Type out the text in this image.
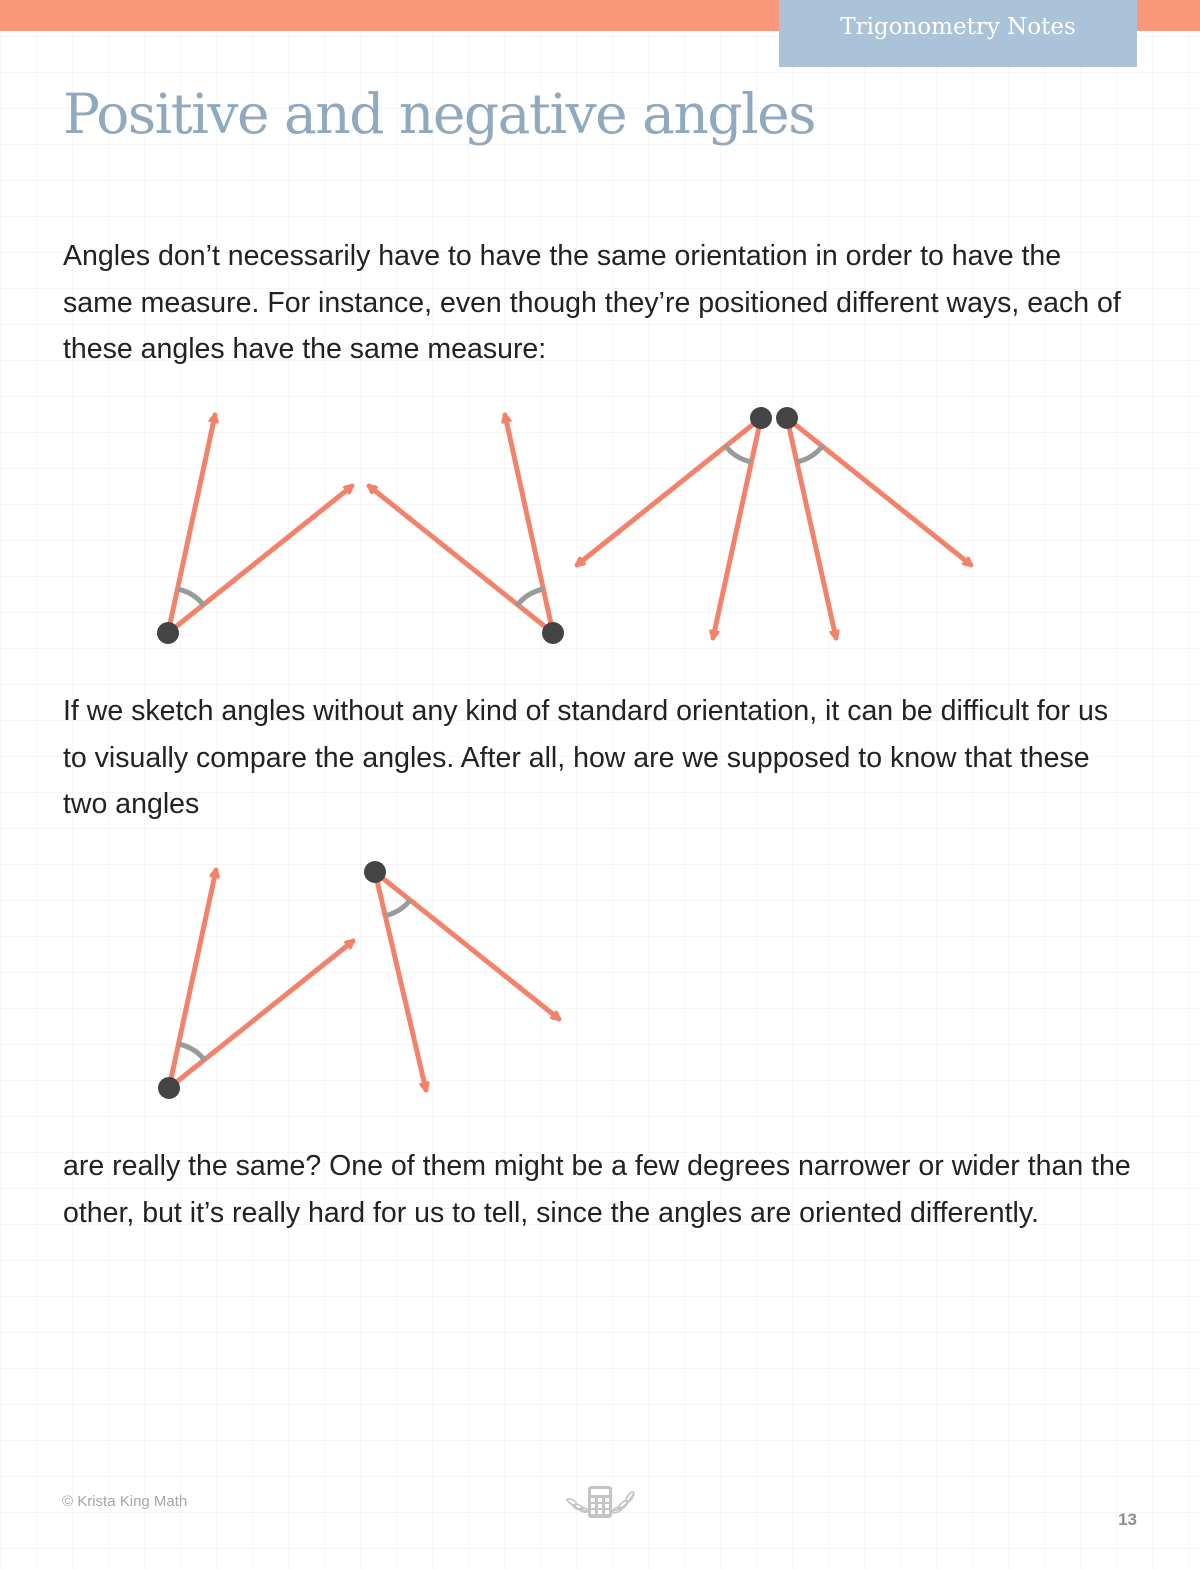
Trigonometry Notes
Positive and negative angles

Angles don’t necessarily have to have the same orientation in order to have the same measure. For instance, even though they’re positioned different ways, each of these angles have the same measure:

If we sketch angles without any kind of standard orientation, it can be difficult for us to visually compare the angles. After all, how are we supposed to know that these two angles

are really the same? One of them might be a few degrees narrower or wider than the other, but it’s really hard for us to tell, since the angles are oriented differently.

© Krista King Math
13
